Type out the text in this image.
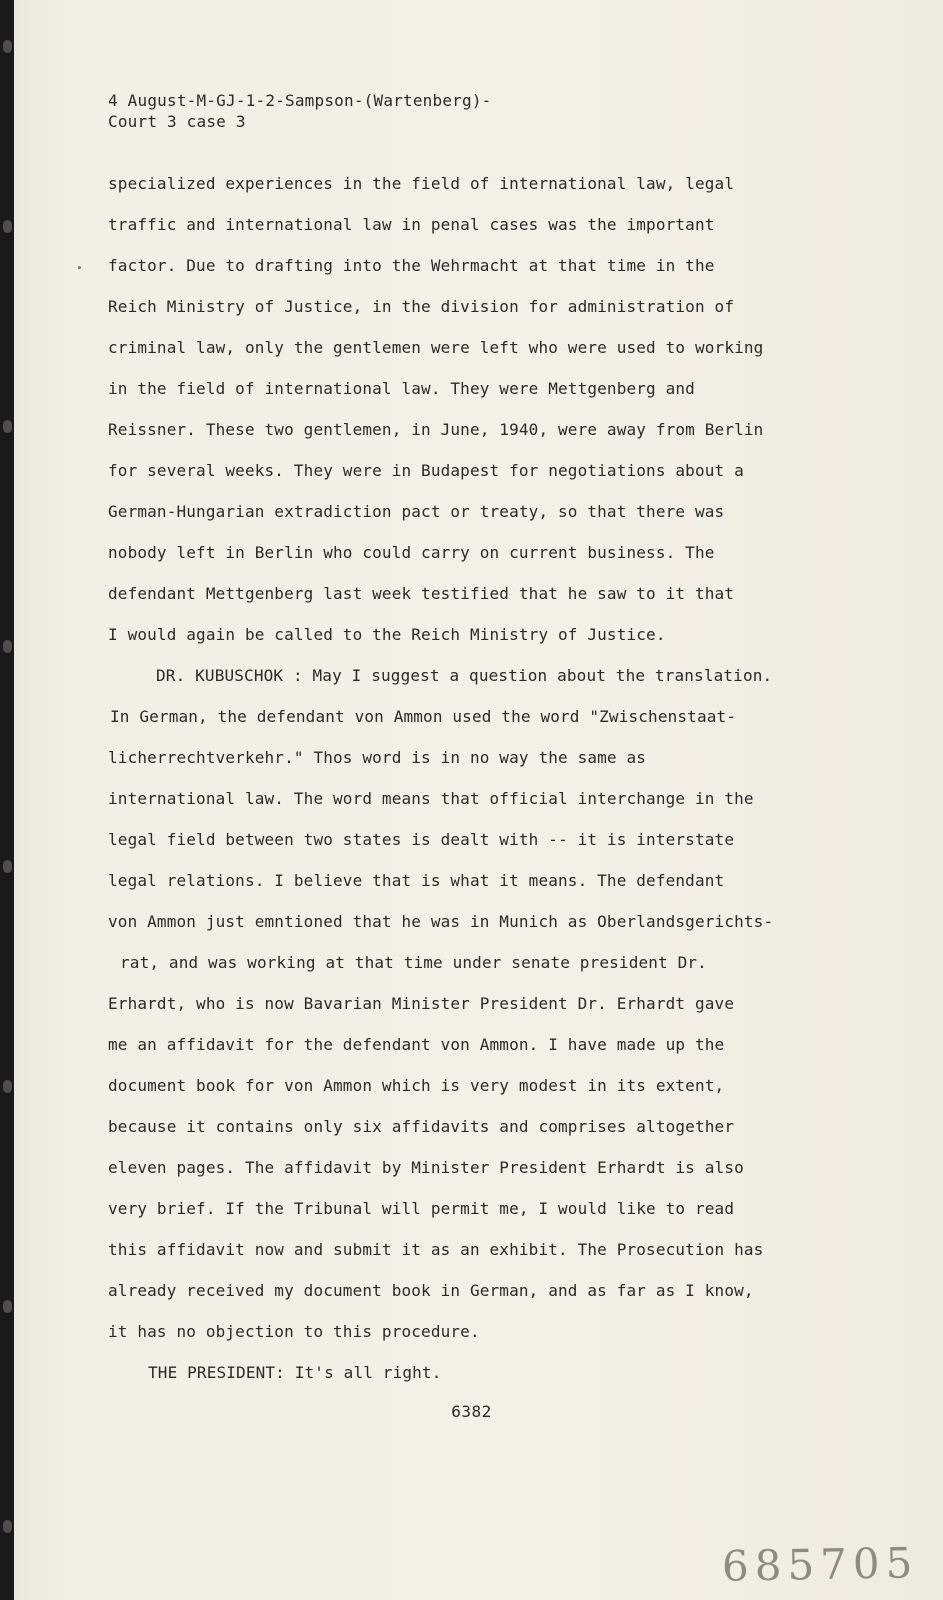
4 August-M-GJ-1-2-Sampson-(Wartenberg)-
Court 3 case 3
specialized experiences in the field of international law, legal
traffic and international law in penal cases was the important
factor. Due to drafting into the Wehrmacht at that time in the
Reich Ministry of Justice, in the division for administration of
criminal law, only the gentlemen were left who were used to working
in the field of international law. They were Mettgenberg and
Reissner. These two gentlemen, in June, 1940, were away from Berlin
for several weeks. They were in Budapest for negotiations about a
German-Hungarian extradiction pact or treaty, so that there was
nobody left in Berlin who could carry on current business. The
defendant Mettgenberg last week testified that he saw to it that
I would again be called to the Reich Ministry of Justice.
DR. KUBUSCHOK : May I suggest a question about the translation.
In German, the defendant von Ammon used the word "Zwischenstaat-
licherrechtverkehr." Thos word is in no way the same as
international law. The word means that official interchange in the
legal field between two states is dealt with -- it is interstate
legal relations. I believe that is what it means. The defendant
von Ammon just emntioned that he was in Munich as Oberlandsgerichts-
rat, and was working at that time under senate president Dr.
Erhardt, who is now Bavarian Minister President Dr. Erhardt gave
me an affidavit for the defendant von Ammon. I have made up the
document book for von Ammon which is very modest in its extent,
because it contains only six affidavits and comprises altogether
eleven pages. The affidavit by Minister President Erhardt is also
very brief. If the Tribunal will permit me, I would like to read
this affidavit now and submit it as an exhibit. The Prosecution has
already received my document book in German, and as far as I know,
it has no objection to this procedure.
THE PRESIDENT: It's all right.
6382
685705
